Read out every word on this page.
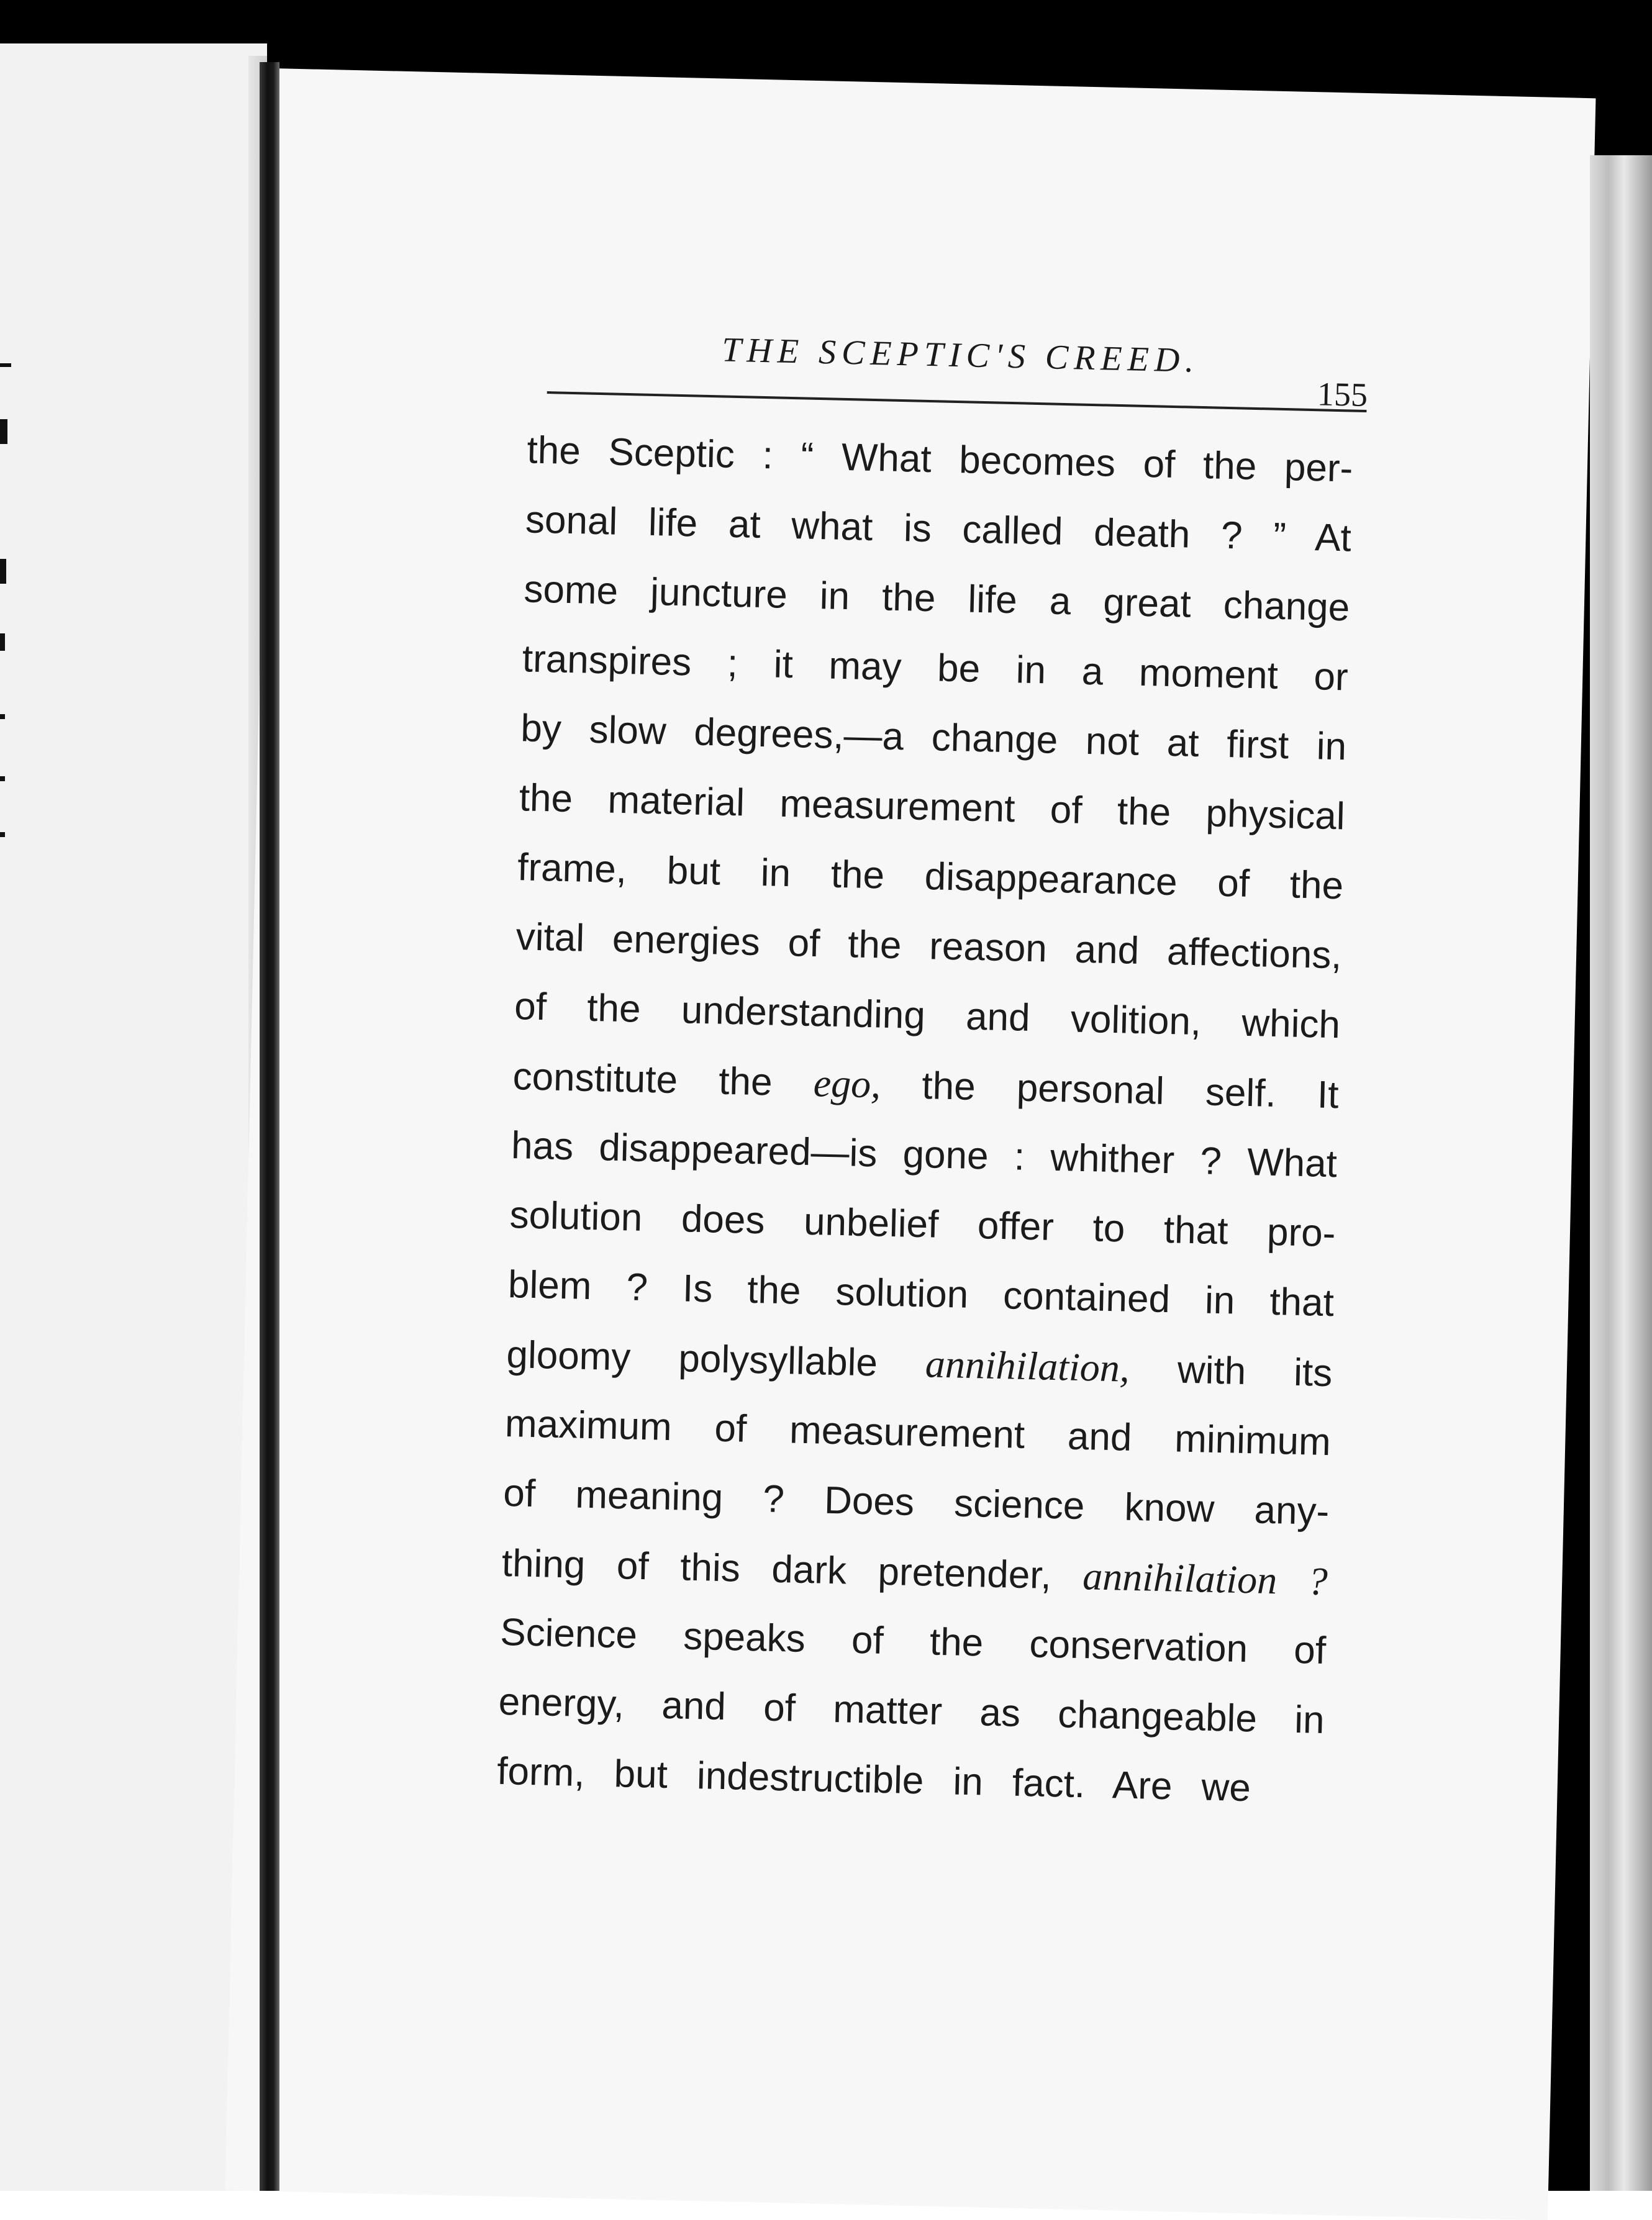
THE SCEPTIC'S CREED.
155
the Sceptic : “ What becomes of the per-
sonal life at what is called death ? ” At
some juncture in the life a great change
transpires ; it may be in a moment or
by slow degrees,—a change not at first in
the material measurement of the physical
frame, but in the disappearance of the
vital energies of the reason and affections,
of the understanding and volition, which
constitute the ego, the personal self. It
has disappeared—is gone : whither ? What
solution does unbelief offer to that pro-
blem ? Is the solution contained in that
gloomy polysyllable annihilation, with its
maximum of measurement and minimum
of meaning ? Does science know any-
thing of this dark pretender, annihilation ?
Science speaks of the conservation of
energy, and of matter as changeable in
form, but indestructible in fact. Are we
